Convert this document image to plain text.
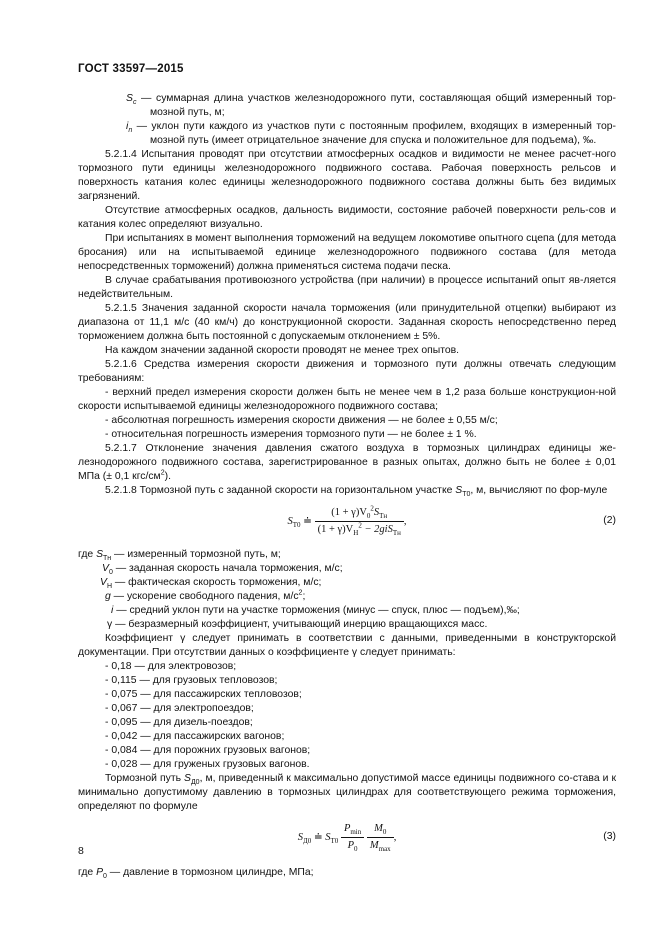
ГОСТ 33597—2015

$S_c$ — суммарная длина участков железнодорожного пути, составляющая общий измеренный тор- мозной путь, м;

$i_n$ — уклон пути каждого из участков пути с постоянным профилем, входящих в измеренный тор- мозной путь (имеет отрицательное значение для спуска и положительное для подъема), ‰.

5.2.1.4 Испытания проводят при отсутствии атмосферных осадков и видимости не менее расчет-ного тормозного пути единицы железнодорожного подвижного состава. Рабочая поверхность рельсов и поверхность катания колес единицы железнодорожного подвижного состава должны быть без видимых загрязнений.

Отсутствие атмосферных осадков, дальность видимости, состояние рабочей поверхности рель-сов и катания колес определяют визуально.

При испытаниях в момент выполнения торможений на ведущем локомотиве опытного сцепа (для метода бросания) или на испытываемой единице железнодорожного подвижного состава (для метода непосредственных торможений) должна применяться система подачи песка.

В случае срабатывания противоюзного устройства (при наличии) в процессе испытаний опыт яв-ляется недействительным.

5.2.1.5 Значения заданной скорости начала торможения (или принудительной отцепки) выбирают из диапазона от 11,1 м/с (40 км/ч) до конструкционной скорости. Заданная скорость непосредственно перед торможением должна быть постоянной с допускаемым отклонением ± 5%.

На каждом значении заданной скорости проводят не менее трех опытов.

5.2.1.6 Средства измерения скорости движения и тормозного пути должны отвечать следующим требованиям:

- верхний предел измерения скорости должен быть не менее чем в 1,2 раза больше конструкцион-ной скорости испытываемой единицы железнодорожного подвижного состава;

- абсолютная погрешность измерения скорости движения — не более ± 0,55 м/с;

- относительная погрешность измерения тормозного пути — не более ± 1 %.

5.2.1.7 Отклонение значения давления сжатого воздуха в тормозных цилиндрах единицы же-лезнодорожного подвижного состава, зарегистрированное в разных опытах, должно быть не более ± 0,01 МПа (± 0,1 кгс/$см^2$).

5.2.1.8 Тормозной путь с заданной скорости на горизонтальном участке $S_{Т0}$, м, вычисляют по фор-муле

$S_{Т0}$ ≐ $\frac{(1 + \gamma)V_0^2S_{Тн}}{(1 + \gamma)V_Н^2 - 2giS_{Тн}}$ ,	(2)

где $S_{Тн}$ — измеренный тормозной путь, м;

$V_0$ — заданная скорость начала торможения, м/с;

$V_Н$ — фактическая скорость торможения, м/с;

g — ускорение свободного падения, $м/с^2$;

i — средний уклон пути на участке торможения (минус — спуск, плюс — подъем),‰;

γ — безразмерный коэффициент, учитывающий инерцию вращающихся масс.

Коэффициент γ следует принимать в соответствии с данными, приведенными в конструкторской документации. При отсутствии данных о коэффициенте γ следует принимать:

- 0,18 — для электровозов;

- 0,115 — для грузовых тепловозов;

- 0,075 — для пассажирских тепловозов;

- 0,067 — для электропоездов;

- 0,095 — для дизель-поездов;

- 0,042 — для пассажирских вагонов;

- 0,084 — для порожних грузовых вагонов;

- 0,028 — для груженых грузовых вагонов.

Тормозной путь $S_{Д0}$, м, приведенный к максимально допустимой массе единицы подвижного со-става и к минимально допустимому давлению в тормозных цилиндрах для соответствующего режима торможения, определяют по формуле

$S_{Д0}$ ≐ $S_{Т0} \frac{P_{min}}{P_0}$
$\frac{M_0}{M_{max}}$ ,	(3)

где $P_0$ — давление в тормозном цилиндре, МПа;

8
